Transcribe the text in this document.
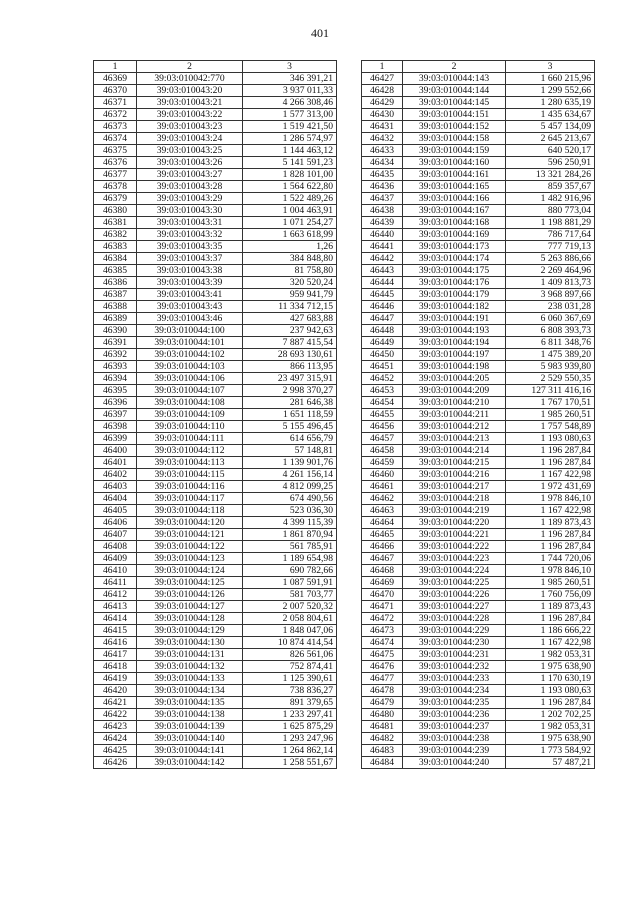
401
1	2	3
46369	39:03:010042:770	346 391,21
46370	39:03:010043:20	3 937 011,33
46371	39:03:010043:21	4 266 308,46
46372	39:03:010043:22	1 577 313,00
46373	39:03:010043:23	1 519 421,50
46374	39:03:010043:24	1 286 574,97
46375	39:03:010043:25	1 144 463,12
46376	39:03:010043:26	5 141 591,23
46377	39:03:010043:27	1 828 101,00
46378	39:03:010043:28	1 564 622,80
46379	39:03:010043:29	1 522 489,26
46380	39:03:010043:30	1 004 463,91
46381	39:03:010043:31	1 071 254,27
46382	39:03:010043:32	1 663 618,99
46383	39:03:010043:35	1,26
46384	39:03:010043:37	384 848,80
46385	39:03:010043:38	81 758,80
46386	39:03:010043:39	320 520,24
46387	39:03:010043:41	959 941,79
46388	39:03:010043:43	11 334 712,15
46389	39:03:010043:46	427 683,88
46390	39:03:010044:100	237 942,63
46391	39:03:010044:101	7 887 415,54
46392	39:03:010044:102	28 693 130,61
46393	39:03:010044:103	866 113,95
46394	39:03:010044:106	23 497 315,91
46395	39:03:010044:107	2 998 370,27
46396	39:03:010044:108	281 646,38
46397	39:03:010044:109	1 651 118,59
46398	39:03:010044:110	5 155 496,45
46399	39:03:010044:111	614 656,79
46400	39:03:010044:112	57 148,81
46401	39:03:010044:113	1 139 901,76
46402	39:03:010044:115	4 261 156,14
46403	39:03:010044:116	4 812 099,25
46404	39:03:010044:117	674 490,56
46405	39:03:010044:118	523 036,30
46406	39:03:010044:120	4 399 115,39
46407	39:03:010044:121	1 861 870,94
46408	39:03:010044:122	561 785,91
46409	39:03:010044:123	1 189 654,98
46410	39:03:010044:124	690 782,66
46411	39:03:010044:125	1 087 591,91
46412	39:03:010044:126	581 703,77
46413	39:03:010044:127	2 007 520,32
46414	39:03:010044:128	2 058 804,61
46415	39:03:010044:129	1 848 047,06
46416	39:03:010044:130	10 874 414,54
46417	39:03:010044:131	826 561,06
46418	39:03:010044:132	752 874,41
46419	39:03:010044:133	1 125 390,61
46420	39:03:010044:134	738 836,27
46421	39:03:010044:135	891 379,65
46422	39:03:010044:138	1 233 297,41
46423	39:03:010044:139	1 625 875,29
46424	39:03:010044:140	1 293 247,96
46425	39:03:010044:141	1 264 862,14
46426	39:03:010044:142	1 258 551,67
1	2	3
46427	39:03:010044:143	1 660 215,96
46428	39:03:010044:144	1 299 552,66
46429	39:03:010044:145	1 280 635,19
46430	39:03:010044:151	1 435 634,67
46431	39:03:010044:152	5 457 134,09
46432	39:03:010044:158	2 645 213,67
46433	39:03:010044:159	640 520,17
46434	39:03:010044:160	596 250,91
46435	39:03:010044:161	13 321 284,26
46436	39:03:010044:165	859 357,67
46437	39:03:010044:166	1 482 916,96
46438	39:03:010044:167	880 773,04
46439	39:03:010044:168	1 198 881,29
46440	39:03:010044:169	786 717,64
46441	39:03:010044:173	777 719,13
46442	39:03:010044:174	5 263 886,66
46443	39:03:010044:175	2 269 464,96
46444	39:03:010044:176	1 409 813,73
46445	39:03:010044:179	3 968 897,66
46446	39:03:010044:182	238 031,28
46447	39:03:010044:191	6 060 367,69
46448	39:03:010044:193	6 808 393,73
46449	39:03:010044:194	6 811 348,76
46450	39:03:010044:197	1 475 389,20
46451	39:03:010044:198	5 983 939,80
46452	39:03:010044:205	2 529 550,35
46453	39:03:010044:209	127 311 416,16
46454	39:03:010044:210	1 767 170,51
46455	39:03:010044:211	1 985 260,51
46456	39:03:010044:212	1 757 548,89
46457	39:03:010044:213	1 193 080,63
46458	39:03:010044:214	1 196 287,84
46459	39:03:010044:215	1 196 287,84
46460	39:03:010044:216	1 167 422,98
46461	39:03:010044:217	1 972 431,69
46462	39:03:010044:218	1 978 846,10
46463	39:03:010044:219	1 167 422,98
46464	39:03:010044:220	1 189 873,43
46465	39:03:010044:221	1 196 287,84
46466	39:03:010044:222	1 196 287,84
46467	39:03:010044:223	1 744 720,06
46468	39:03:010044:224	1 978 846,10
46469	39:03:010044:225	1 985 260,51
46470	39:03:010044:226	1 760 756,09
46471	39:03:010044:227	1 189 873,43
46472	39:03:010044:228	1 196 287,84
46473	39:03:010044:229	1 186 666,22
46474	39:03:010044:230	1 167 422,98
46475	39:03:010044:231	1 982 053,31
46476	39:03:010044:232	1 975 638,90
46477	39:03:010044:233	1 170 630,19
46478	39:03:010044:234	1 193 080,63
46479	39:03:010044:235	1 196 287,84
46480	39:03:010044:236	1 202 702,25
46481	39:03:010044:237	1 982 053,31
46482	39:03:010044:238	1 975 638,90
46483	39:03:010044:239	1 773 584,92
46484	39:03:010044:240	57 487,21
